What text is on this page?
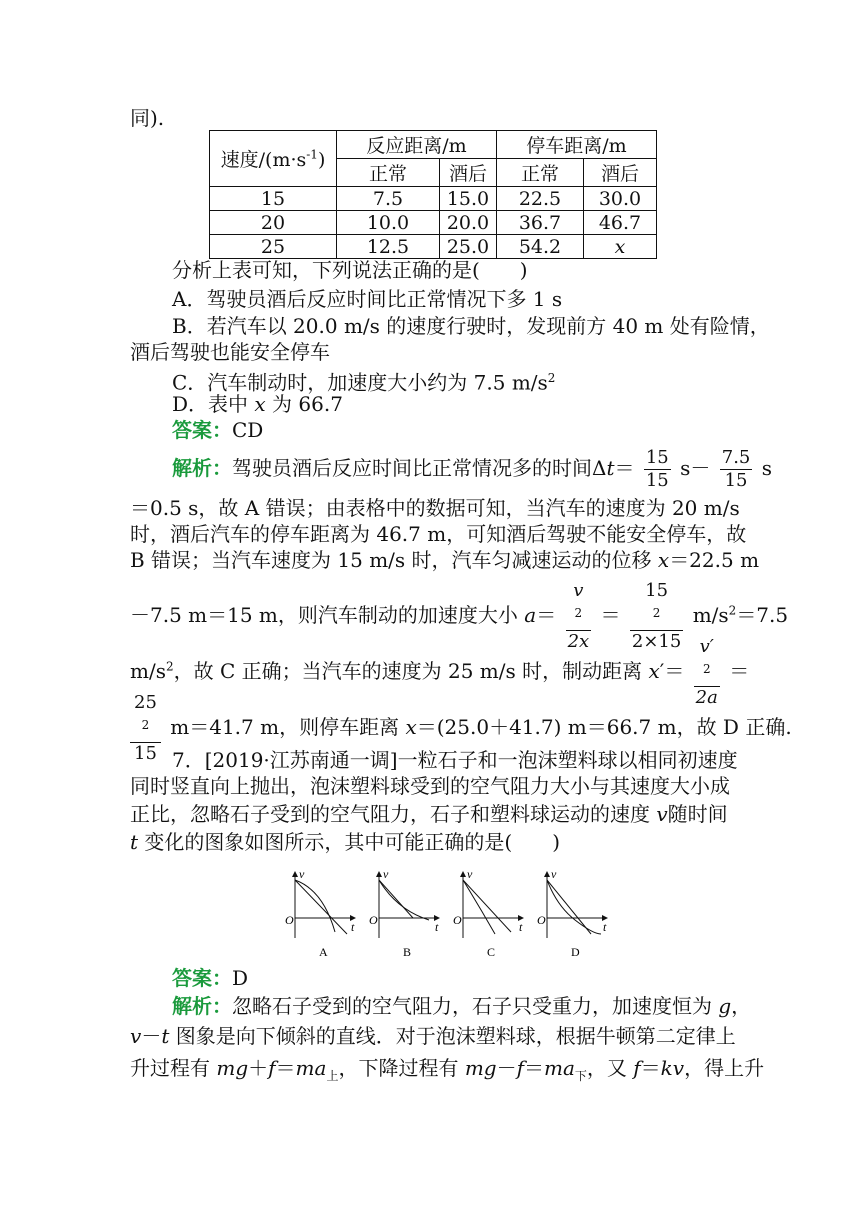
同).
速度$/(m\cdot s^{-1})$	反应距离/m		停车距离/m	
	正常	酒后	正常	酒后
15	7.5	15.0	22.5	30.0
20	10.0	20.0	36.7	46.7
25	12.5	25.0	54.2	x
分析上表可知，下列说法正确的是(　　)
A．驾驶员酒后反应时间比正常情况下多 1 s
B．若汽车以 20.0 m/s 的速度行驶时，发现前方 40 m 处有险情，
酒后驾驶也能安全停车
C．汽车制动时，加速度大小约为 7.5 $m/s^2$
D．表中 x 为 66.7
答案：CD
解析：驾驶员酒后反应时间比正常情况多的时间$\Delta t= \frac{15}{15} s- \frac{7.5}{15}$ s
＝0.5 s，故 A 错误；由表格中的数据可知，当汽车的速度为 20 m/s
时，酒后汽车的停车距离为 46.7 m，可知酒后驾驶不能安全停车，故
B 错误；当汽车速度为 15 m/s 时，汽车匀减速运动的位移 x＝22.5 m
－7.5 m＝15 m，则汽车制动的加速度大小 a＝ v
$^2$
2x ＝ 15
$^2$
2×15 $m/s^2=7.5$
$m/s^2$，故 C 正确；当汽车的速度为 25 m/s 时，制动距离 x′＝ v′
$^2$
2a ＝
25
$^2$
15 m＝41.7 m，则停车距离 x＝(25.0＋41.7) m＝66.7 m，故 D 正确.
7．[2019·江苏南通一调]一粒石子和一泡沫塑料球以相同初速度
同时竖直向上抛出，泡沫塑料球受到的空气阻力大小与其速度大小成
正比，忽略石子受到的空气阻力，石子和塑料球运动的速度 v随时间
t 变化的图象如图所示，其中可能正确的是(　　)
v
t
O
A
v
t
O
B
v
t
O
C
v
t
O
D
答案：D
解析：忽略石子受到的空气阻力，石子只受重力，加速度恒为 g，
v－t 图象是向下倾斜的直线．对于泡沫塑料球，根据牛顿第二定律上
升过程有 $mg+f=ma_上$，下降过程有 $mg-f=ma_下$，又 f＝kv，得上升
